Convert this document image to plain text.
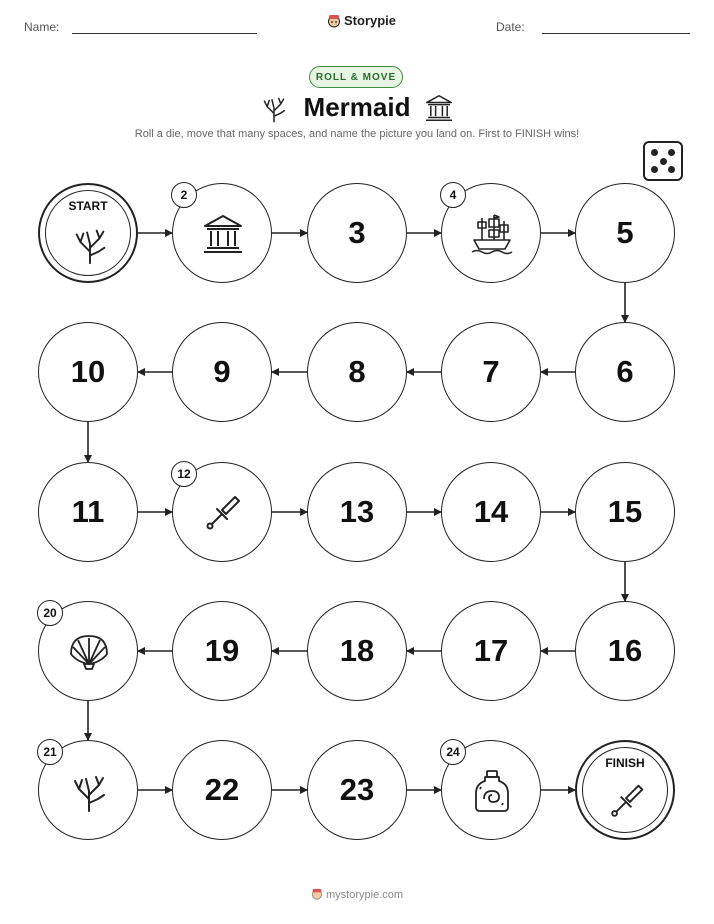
Name:	Storypie	Date:
ROLL & MOVE
Mermaid
Roll a die, move that many spaces, and name the picture you land on. First to FINISH wins!
START
2
3
4
5
6
7
8
9
10
11
12
13	14	15
16
17
18
19
20
21
22	23
24
FINISH
mystorypie.com
